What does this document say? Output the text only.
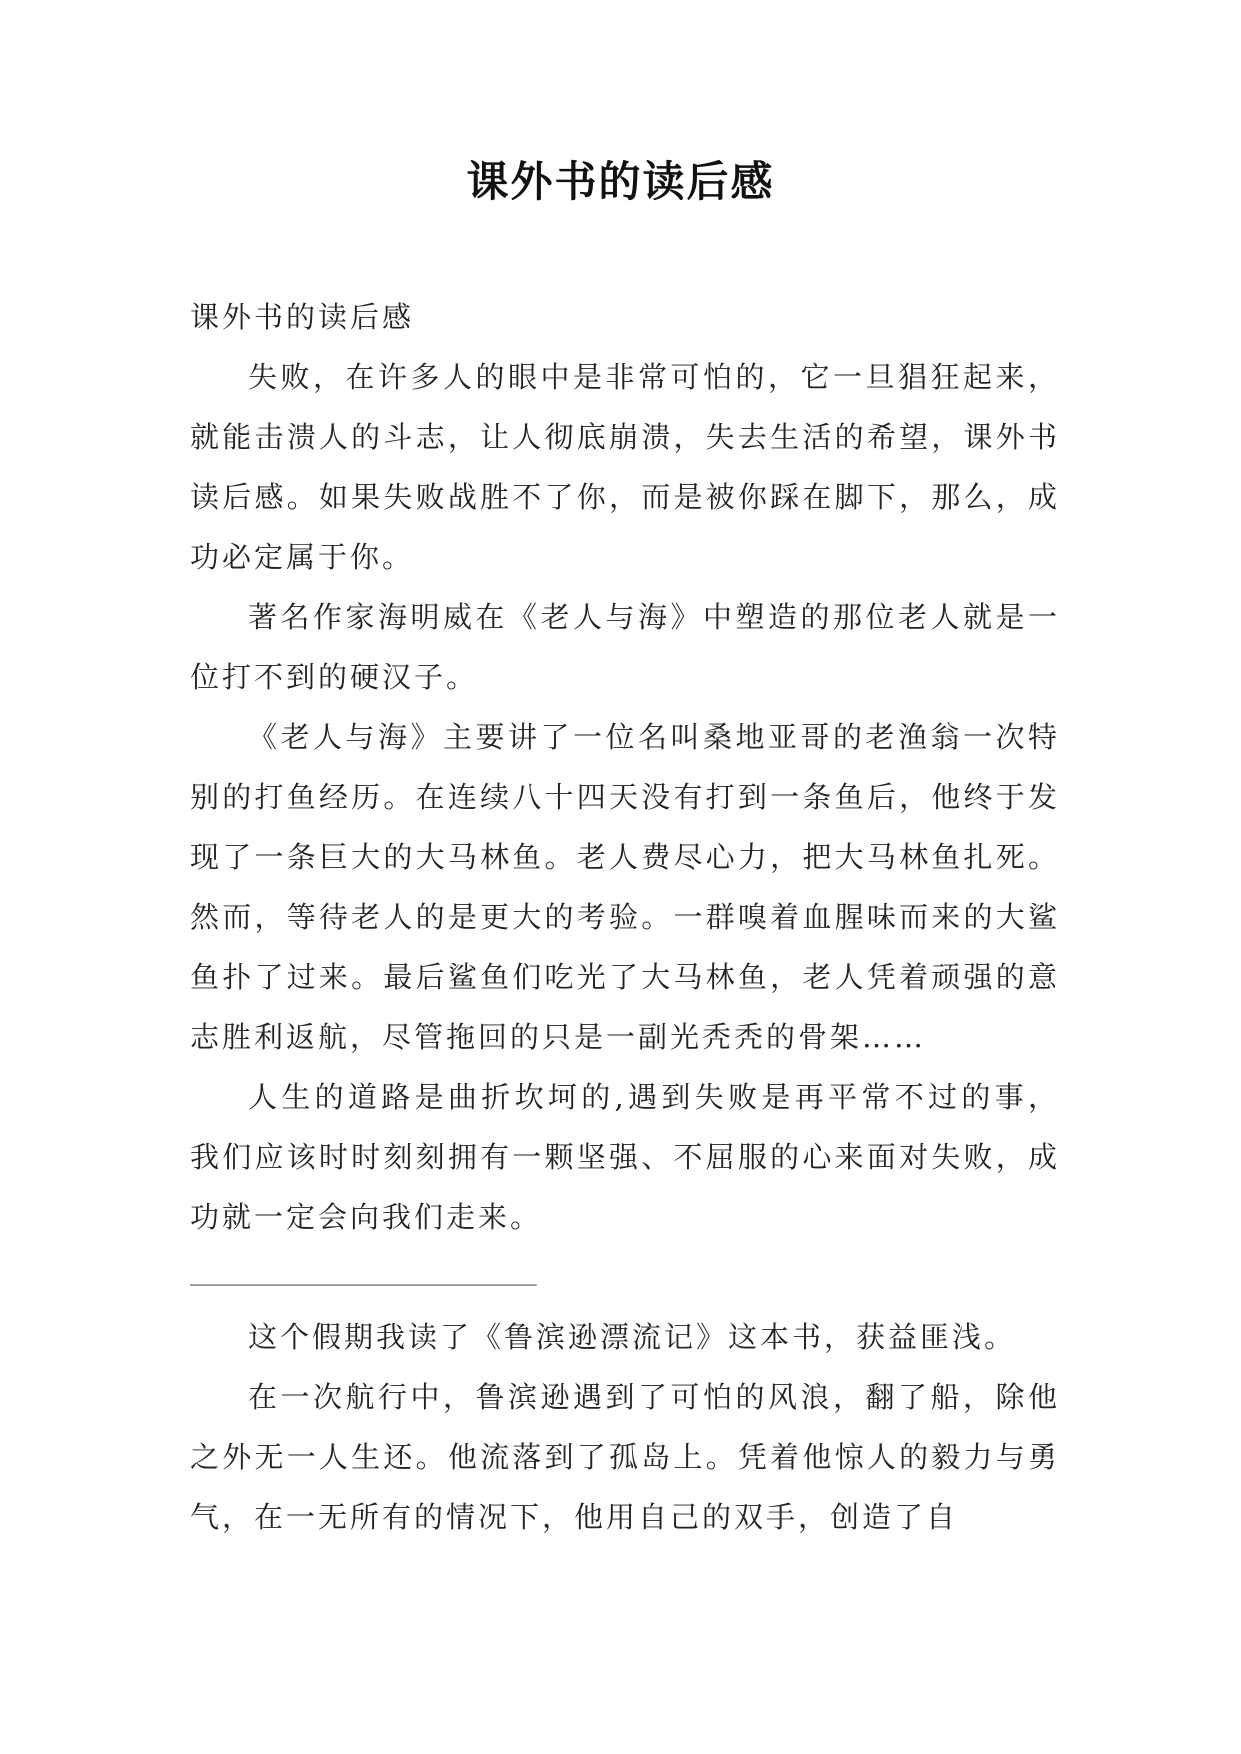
课外书的读后感

课外书的读后感

失败，在许多人的眼中是非常可怕的，它一旦猖狂起来，就能击溃人的斗志，让人彻底崩溃，失去生活的希望，课外书读后感。如果失败战胜不了你，而是被你踩在脚下，那么，成功必定属于你。

著名作家海明威在《老人与海》中塑造的那位老人就是一位打不到的硬汉子。

《老人与海》主要讲了一位名叫桑地亚哥的老渔翁一次特别的打鱼经历。在连续八十四天没有打到一条鱼后，他终于发现了一条巨大的大马林鱼。老人费尽心力，把大马林鱼扎死。然而，等待老人的是更大的考验。一群嗅着血腥味而来的大鲨鱼扑了过来。最后鲨鱼们吃光了大马林鱼，老人凭着顽强的意志胜利返航，尽管拖回的只是一副光秃秃的骨架……

人生的道路是曲折坎坷的,遇到失败是再平常不过的事，我们应该时时刻刻拥有一颗坚强、不屈服的心来面对失败，成功就一定会向我们走来。

________________________

这个假期我读了《鲁滨逊漂流记》这本书，获益匪浅。

在一次航行中，鲁滨逊遇到了可怕的风浪，翻了船，除他之外无一人生还。他流落到了孤岛上。凭着他惊人的毅力与勇气，在一无所有的情况下，他用自己的双手，创造了自
